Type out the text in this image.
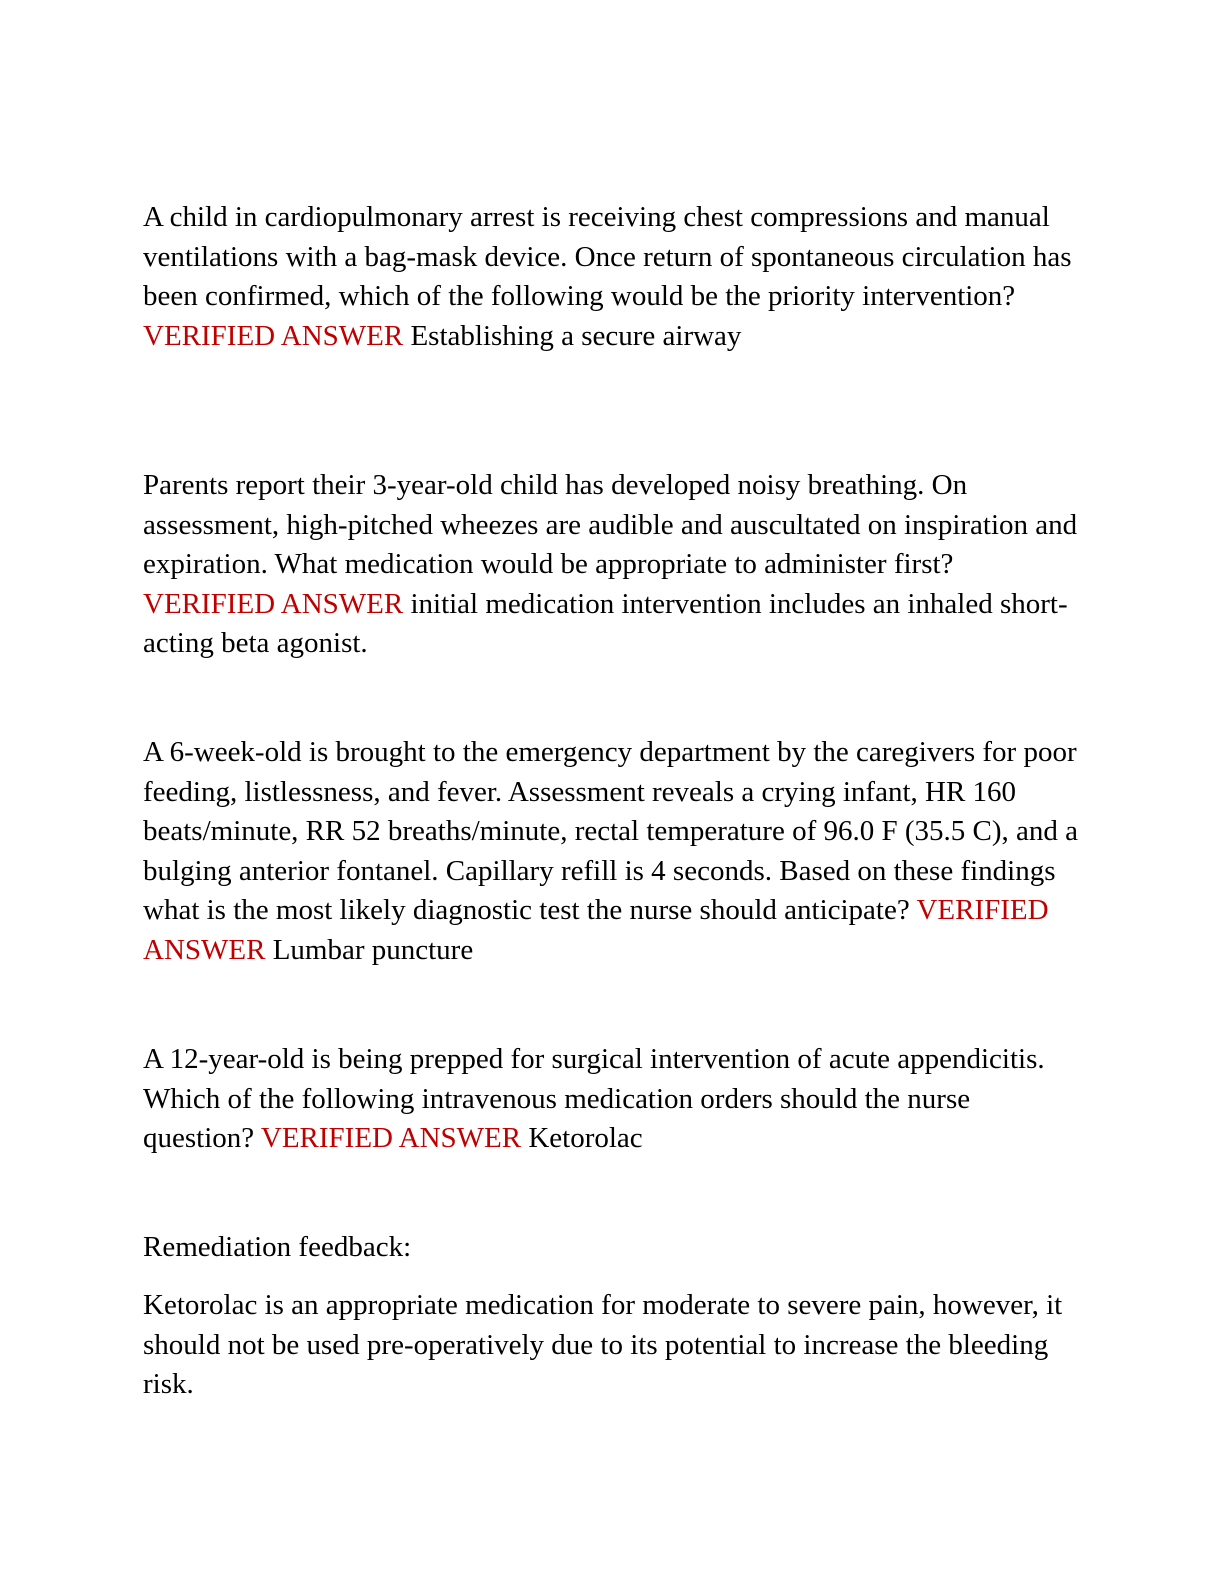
A child in cardiopulmonary arrest is receiving chest compressions and manual ventilations with a bag-mask device. Once return of spontaneous circulation has been confirmed, which of the following would be the priority intervention? VERIFIED ANSWER Establishing a secure airway

Parents report their 3-year-old child has developed noisy breathing. On assessment, high-pitched wheezes are audible and auscultated on inspiration and expiration. What medication would be appropriate to administer first? VERIFIED ANSWER initial medication intervention includes an inhaled short-acting beta agonist.

A 6-week-old is brought to the emergency department by the caregivers for poor feeding, listlessness, and fever. Assessment reveals a crying infant, HR 160 beats/minute, RR 52 breaths/minute, rectal temperature of 96.0 F (35.5 C), and a bulging anterior fontanel. Capillary refill is 4 seconds. Based on these findings what is the most likely diagnostic test the nurse should anticipate? VERIFIED ANSWER Lumbar puncture

A 12-year-old is being prepped for surgical intervention of acute appendicitis. Which of the following intravenous medication orders should the nurse question? VERIFIED ANSWER Ketorolac

Remediation feedback:

Ketorolac is an appropriate medication for moderate to severe pain, however, it should not be used pre-operatively due to its potential to increase the bleeding risk.
